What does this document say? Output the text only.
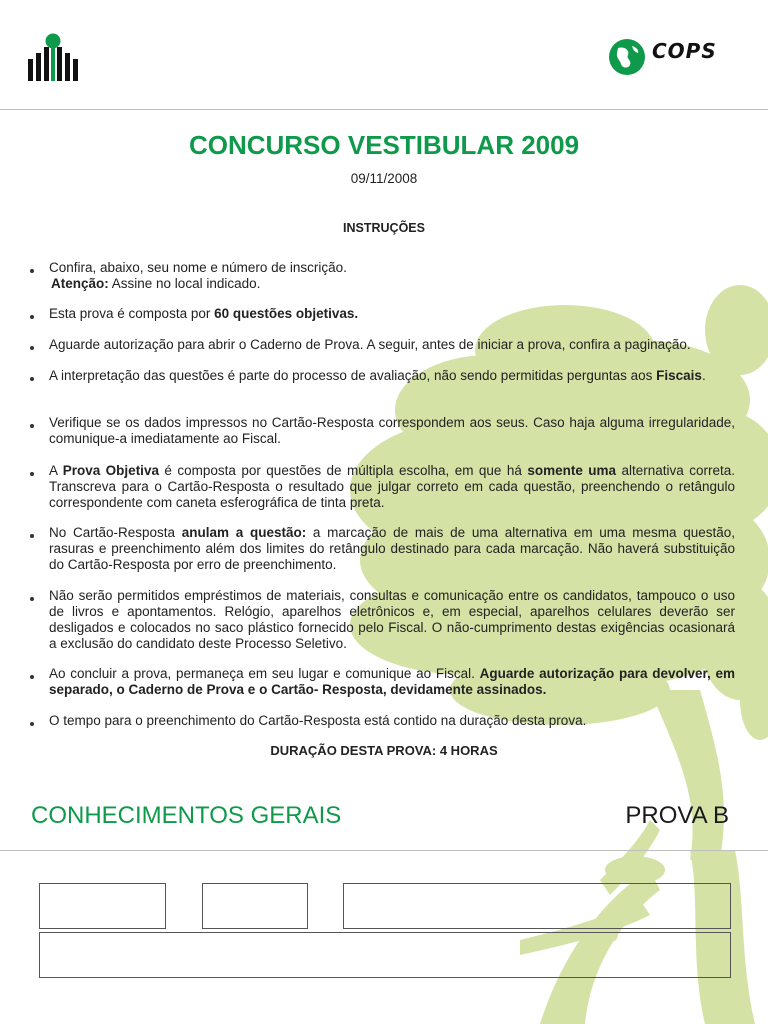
COPS
CONCURSO VESTIBULAR 2009
09/11/2008
INSTRUÇÕES
Confira, abaixo, seu nome e número de inscrição.
Atenção: Assine no local indicado.
Esta prova é composta por 60 questões objetivas.
Aguarde autorização para abrir o Caderno de Prova. A seguir, antes de iniciar a prova, confira a paginação.
A interpretação das questões é parte do processo de avaliação, não sendo permitidas perguntas aos Fiscais.
Verifique se os dados impressos no Cartão-Resposta correspondem aos seus. Caso haja alguma irregularidade, comunique-a imediatamente ao Fiscal.
A Prova Objetiva é composta por questões de múltipla escolha, em que há somente uma alternativa correta. Transcreva para o Cartão-Resposta o resultado que julgar correto em cada questão, preenchendo o retângulo correspondente com caneta esferográfica de tinta preta.
No Cartão-Resposta anulam a questão: a marcação de mais de uma alternativa em uma mesma questão, rasuras e preenchimento além dos limites do retângulo destinado para cada marcação. Não haverá substituição do Cartão-Resposta por erro de preenchimento.
Não serão permitidos empréstimos de materiais, consultas e comunicação entre os candidatos, tampouco o uso de livros e apontamentos. Relógio, aparelhos eletrônicos e, em especial, aparelhos celulares deverão ser desligados e colocados no saco plástico fornecido pelo Fiscal. O não-cumprimento destas exigências ocasionará a exclusão do candidato deste Processo Seletivo.
Ao concluir a prova, permaneça em seu lugar e comunique ao Fiscal. Aguarde autorização para devolver, em separado, o Caderno de Prova e o Cartão- Resposta, devidamente assinados.
O tempo para o preenchimento do Cartão-Resposta está contido na duração desta prova.
DURAÇÃO DESTA PROVA: 4 HORAS
CONHECIMENTOS GERAIS	PROVA B
